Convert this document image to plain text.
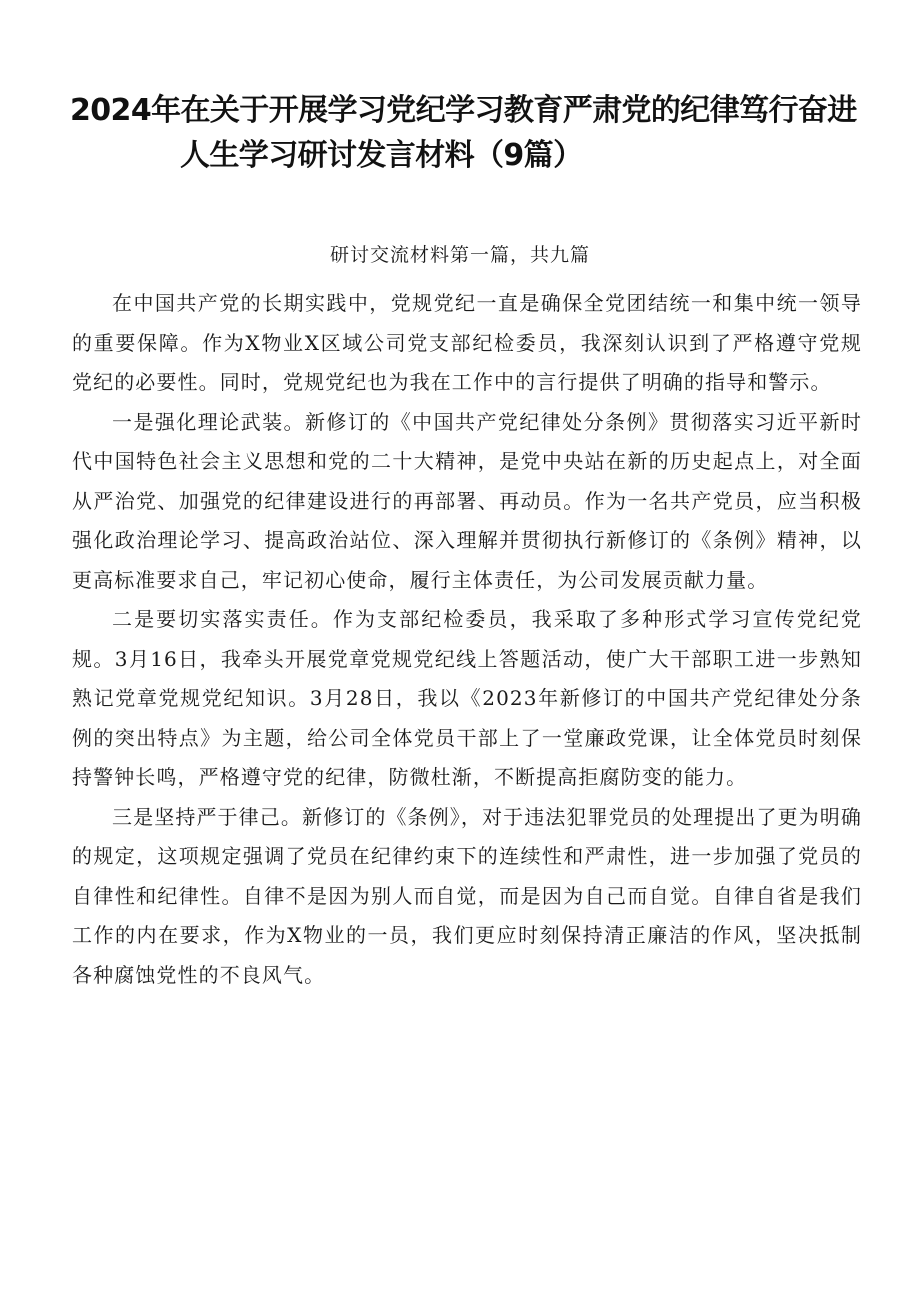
2024年在关于开展学习党纪学习教育严肃党的纪律笃行奋进
人生学习研讨发言材料（9篇）
研讨交流材料第一篇，共九篇

在中国共产党的长期实践中，党规党纪一直是确保全党团结统一和集中统一领导的重要保障。作为X物业X区域公司党支部纪检委员，我深刻认识到了严格遵守党规党纪的必要性。同时，党规党纪也为我在工作中的言行提供了明确的指导和警示。

一是强化理论武装。新修订的《中国共产党纪律处分条例》贯彻落实习近平新时代中国特色社会主义思想和党的二十大精神，是党中央站在新的历史起点上，对全面从严治党、加强党的纪律建设进行的再部署、再动员。作为一名共产党员，应当积极强化政治理论学习、提高政治站位、深入理解并贯彻执行新修订的《条例》精神，以更高标准要求自己，牢记初心使命，履行主体责任，为公司发展贡献力量。

二是要切实落实责任。作为支部纪检委员，我采取了多种形式学习宣传党纪党规。3月16日，我牵头开展党章党规党纪线上答题活动，使广大干部职工进一步熟知熟记党章党规党纪知识。3月28日，我以《2023年新修订的中国共产党纪律处分条例的突出特点》为主题，给公司全体党员干部上了一堂廉政党课，让全体党员时刻保持警钟长鸣，严格遵守党的纪律，防微杜渐，不断提高拒腐防变的能力。

三是坚持严于律己。新修订的《条例》，对于违法犯罪党员的处理提出了更为明确的规定，这项规定强调了党员在纪律约束下的连续性和严肃性，进一步加强了党员的自律性和纪律性。自律不是因为别人而自觉，而是因为自己而自觉。自律自省是我们工作的内在要求，作为X物业的一员，我们更应时刻保持清正廉洁的作风，坚决抵制各种腐蚀党性的不良风气。
